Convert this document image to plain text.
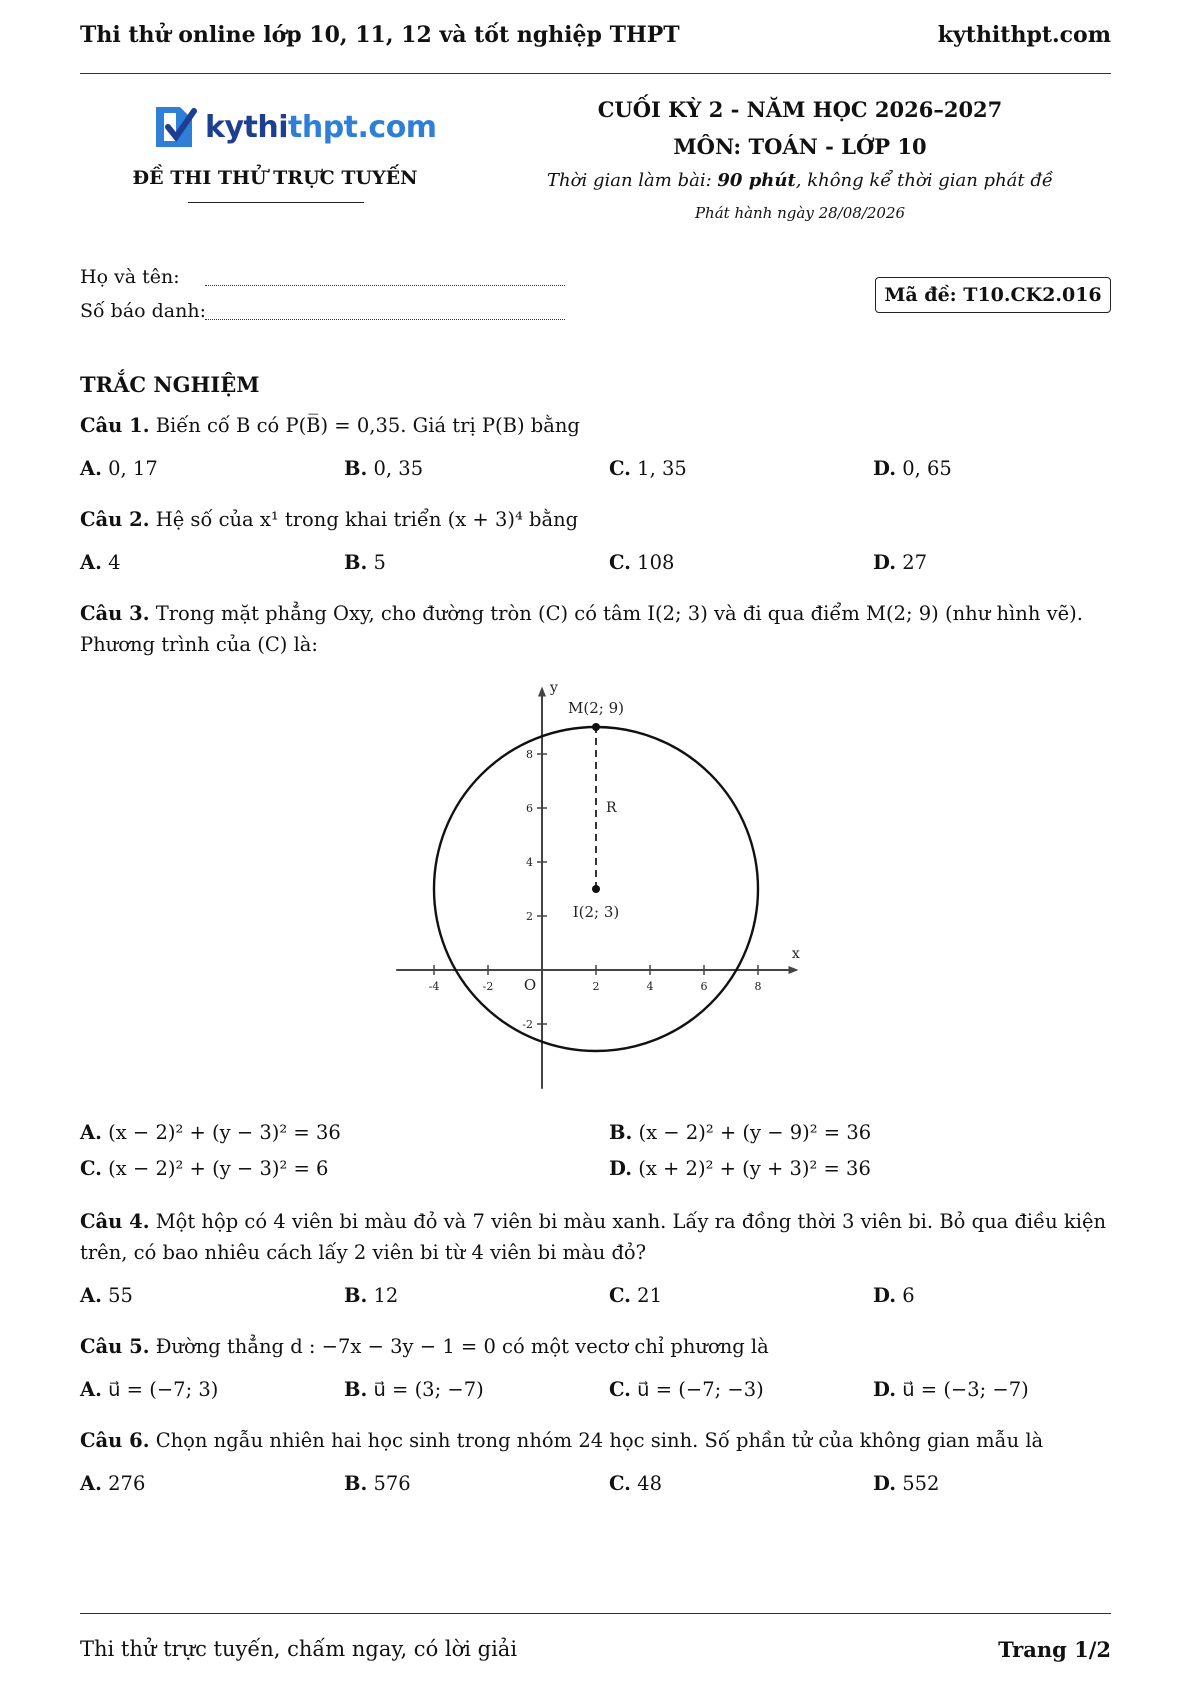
Thi thử online lớp 10, 11, 12 và tốt nghiệp THPT	kythithpt.com
kythithpt.com
ĐỀ THI THỬ TRỰC TUYẾN
CUỐI KỲ 2 - NĂM HỌC 2026–2027
MÔN: TOÁN - LỚP 10
Thời gian làm bài: 90 phút, không kể thời gian phát đề
Phát hành ngày 28/08/2026
Họ và tên:
Số báo danh:
Mã đề: T10.CK2.016
TRẮC NGHIỆM
Câu 1. Biến cố B có P(B̅) = 0,35. Giá trị P(B) bằng
Câu 2. Hệ số của x¹ trong khai triển (x + 3)⁴ bằng
Câu 3. Trong mặt phẳng Oxy, cho đường tròn (C) có tâm I(2; 3) và đi qua điểm M(2; 9) (như hình vẽ). Phương trình của (C) là:
x
y
O
-4	-2	2	4	6	8
-2
2
4
6
8
R
I(2; 3)
M(2; 9)
Câu 4. Một hộp có 4 viên bi màu đỏ và 7 viên bi màu xanh. Lấy ra đồng thời 3 viên bi. Bỏ qua điều kiện trên, có bao nhiêu cách lấy 2 viên bi từ 4 viên bi màu đỏ?
Câu 5. Đường thẳng d : −7x − 3y − 1 = 0 có một vectơ chỉ phương là
Câu 6. Chọn ngẫu nhiên hai học sinh trong nhóm 24 học sinh. Số phần tử của không gian mẫu là
A. 0, 17	B. 0, 35	C. 1, 35	D. 0, 65
A. 4	B. 5	C. 108	D. 27
A. (x − 2)² + (y − 3)² = 36	B. (x − 2)² + (y − 9)² = 36
C. (x − 2)² + (y − 3)² = 6	D. (x + 2)² + (y + 3)² = 36
A. 55	B. 12	C. 21	D. 6
A. u⃗ = (−7; 3)	B. u⃗ = (3; −7)	C. u⃗ = (−7; −3)	D. u⃗ = (−3; −7)
A. 276	B. 576	C. 48	D. 552
Thi thử trực tuyến, chấm ngay, có lời giải	Trang 1/2
